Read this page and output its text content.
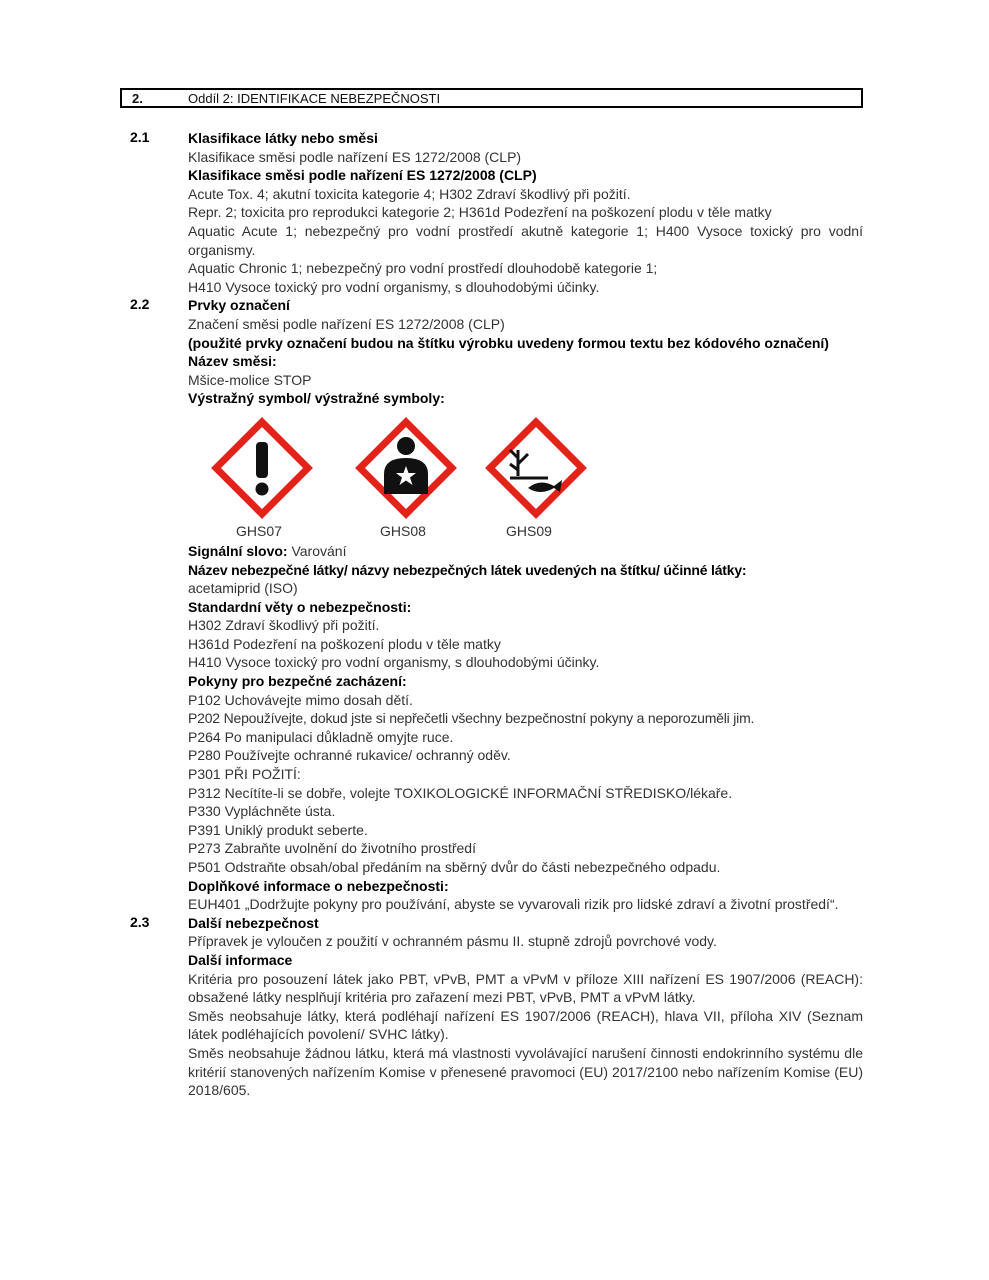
2.	Oddíl 2: IDENTIFIKACE NEBEZPEČNOSTI
2.1	Klasifikace látky nebo směsi
Klasifikace směsi podle nařízení ES 1272/2008 (CLP)
Klasifikace směsi podle nařízení ES 1272/2008 (CLP)
Acute Tox. 4; akutní toxicita kategorie 4; H302 Zdraví škodlivý při požití.
Repr. 2; toxicita pro reprodukci kategorie 2; H361d Podezření na poškození plodu v těle matky
Aquatic Acute 1; nebezpečný pro vodní prostředí akutně kategorie 1; H400 Vysoce toxický pro vodní organismy.
Aquatic Chronic 1; nebezpečný pro vodní prostředí dlouhodobě kategorie 1;
H410 Vysoce toxický pro vodní organismy, s dlouhodobými účinky.
2.2	Prvky označení
Značení směsi podle nařízení ES 1272/2008 (CLP)
(použité prvky označení budou na štítku výrobku uvedeny formou textu bez kódového označení)
Název směsi:
Mšice-molice STOP
Výstražný symbol/ výstražné symboly:
GHS07	GHS08	GHS09
Signální slovo: Varování
Název nebezpečné látky/ názvy nebezpečných látek uvedených na štítku/ účinné látky:
acetamiprid (ISO)
Standardní věty o nebezpečnosti:
H302 Zdraví škodlivý při požití.
H361d Podezření na poškození plodu v těle matky
H410 Vysoce toxický pro vodní organismy, s dlouhodobými účinky.
Pokyny pro bezpečné zacházení:
P102 Uchovávejte mimo dosah dětí.
P202 Nepoužívejte, dokud jste si nepřečetli všechny bezpečnostní pokyny a neporozuměli jim.
P264 Po manipulaci důkladně omyjte ruce.
P280 Používejte ochranné rukavice/ ochranný oděv.
P301 PŘI POŽITÍ:
P312 Necítíte-li se dobře, volejte TOXIKOLOGICKÉ INFORMAČNÍ STŘEDISKO/lékaře.
P330 Vypláchněte ústa.
P391 Uniklý produkt seberte.
P273 Zabraňte uvolnění do životního prostředí
P501 Odstraňte obsah/obal předáním na sběrný dvůr do části nebezpečného odpadu.
Doplňkové informace o nebezpečnosti:
EUH401 „Dodržujte pokyny pro používání, abyste se vyvarovali rizik pro lidské zdraví a životní prostředí“.
2.3	Další nebezpečnost
Přípravek je vyloučen z použití v ochranném pásmu II. stupně zdrojů povrchové vody.
Další informace
Kritéria pro posouzení látek jako PBT, vPvB, PMT a vPvM v příloze XIII nařízení ES 1907/2006 (REACH): obsažené látky nesplňují kritéria pro zařazení mezi PBT, vPvB, PMT a vPvM látky.
Směs neobsahuje látky, která podléhají nařízení ES 1907/2006 (REACH), hlava VII, příloha XIV (Seznam látek podléhajících povolení/ SVHC látky).
Směs neobsahuje žádnou látku, která má vlastnosti vyvolávající narušení činnosti endokrinního systému dle kritérií stanovených nařízením Komise v přenesené pravomoci (EU) 2017/2100 nebo nařízením Komise (EU) 2018/605.
